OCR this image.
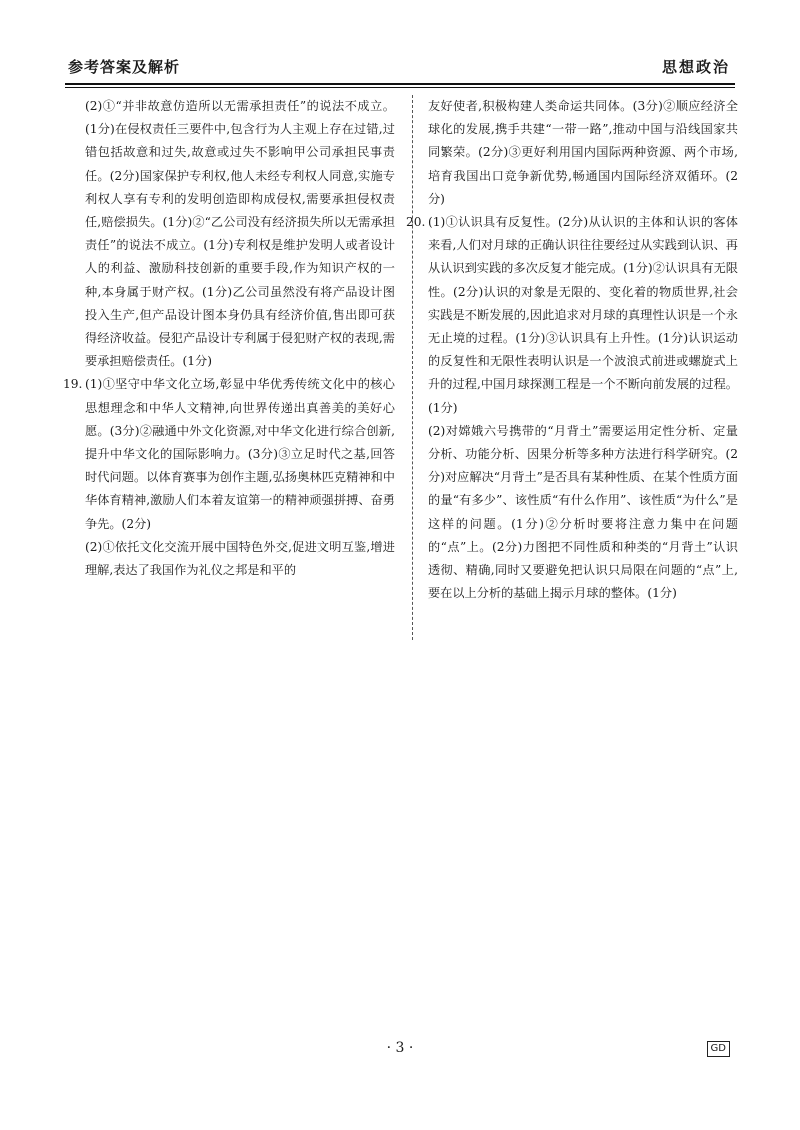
参考答案及解析	思想政治

(2)①“并非故意仿造所以无需承担责任”的说法不成立。(1分)在侵权责任三要件中,包含行为人主观上存在过错,过错包括故意和过失,故意或过失不影响甲公司承担民事责任。(2分)国家保护专利权,他人未经专利权人同意,实施专利权人享有专利的发明创造即构成侵权,需要承担侵权责任,赔偿损失。(1分)②“乙公司没有经济损失所以无需承担责任”的说法不成立。(1分)专利权是维护发明人或者设计人的利益、激励科技创新的重要手段,作为知识产权的一种,本身属于财产权。(1分)乙公司虽然没有将产品设计图投入生产,但产品设计图本身仍具有经济价值,售出即可获得经济收益。侵犯产品设计专利属于侵犯财产权的表现,需要承担赔偿责任。(1分)

19. (1)①坚守中华文化立场,彰显中华优秀传统文化中的核心思想理念和中华人文精神,向世界传递出真善美的美好心愿。(3分)②融通中外文化资源,对中华文化进行综合创新,提升中华文化的国际影响力。(3分)③立足时代之基,回答时代问题。以体育赛事为创作主题,弘扬奥林匹克精神和中华体育精神,激励人们本着友谊第一的精神顽强拼搏、奋勇争先。(2分)

(2)①依托文化交流开展中国特色外交,促进文明互鉴,增进理解,表达了我国作为礼仪之邦是和平的

友好使者,积极构建人类命运共同体。(3分)②顺应经济全球化的发展,携手共建“一带一路”,推动中国与沿线国家共同繁荣。(2分)③更好利用国内国际两种资源、两个市场,培育我国出口竞争新优势,畅通国内国际经济双循环。(2分)

20. (1)①认识具有反复性。(2分)从认识的主体和认识的客体来看,人们对月球的正确认识往往要经过从实践到认识、再从认识到实践的多次反复才能完成。(1分)②认识具有无限性。(2分)认识的对象是无限的、变化着的物质世界,社会实践是不断发展的,因此追求对月球的真理性认识是一个永无止境的过程。(1分)③认识具有上升性。(1分)认识运动的反复性和无限性表明认识是一个波浪式前进或螺旋式上升的过程,中国月球探测工程是一个不断向前发展的过程。(1分)

(2)对嫦娥六号携带的“月背土”需要运用定性分析、定量分析、功能分析、因果分析等多种方法进行科学研究。(2分)对应解决“月背土”是否具有某种性质、在某个性质方面的量“有多少”、该性质“有什么作用”、该性质“为什么”是这样的问题。(1分)②分析时要将注意力集中在问题的“点”上。(2分)力图把不同性质和种类的“月背土”认识透彻、精确,同时又要避免把认识只局限在问题的“点”上,要在以上分析的基础上揭示月球的整体。(1分)

· 3 ·	GD
